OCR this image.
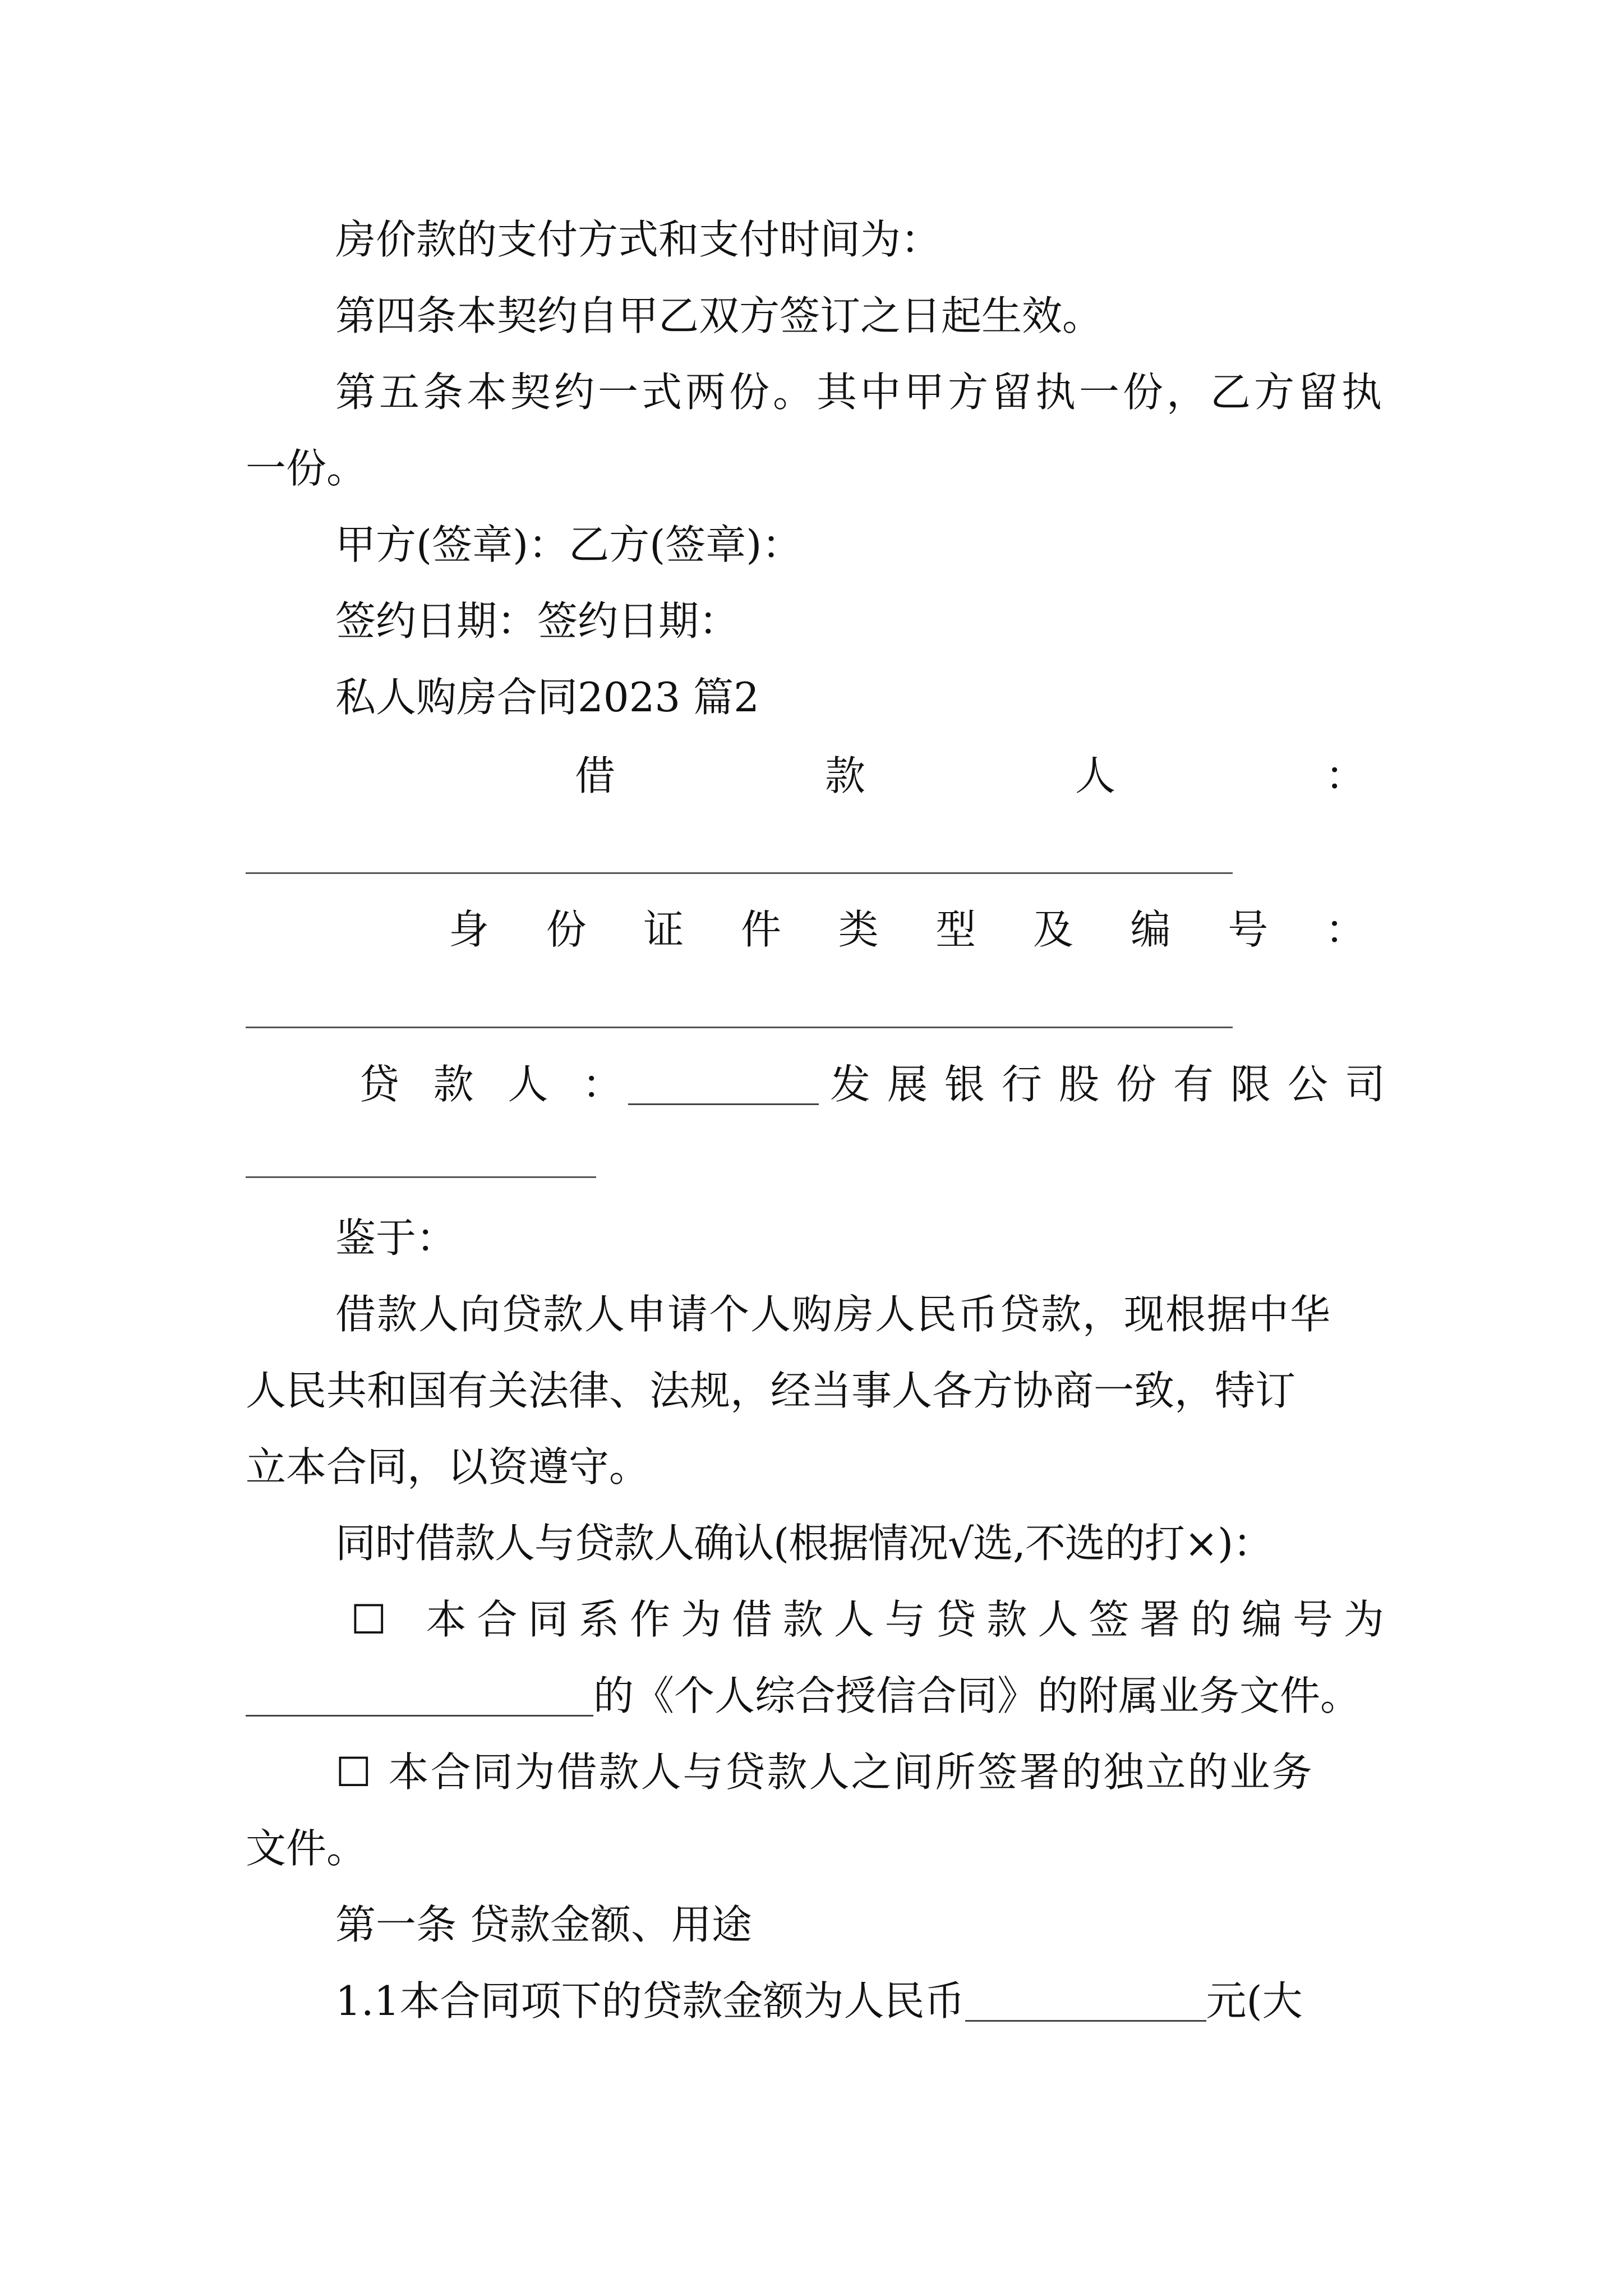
房价款的支付方式和支付时间为：
第四条本契约自甲乙双方签订之日起生效。
第五条本契约一式两份。其中甲方留执一份，乙方留执
一份。
甲方(签章)：乙方(签章)：
签约日期：签约日期：
私人购房合同2023 篇2
借	款	人	：
身 份 证 件 类 型 及 编 号 ：
贷 款 人 ：	发 展 银 行 股 份 有 限 公 司
鉴于：
借款人向贷款人申请个人购房人民币贷款，现根据中华
人民共和国有关法律、法规，经当事人各方协商一致，特订
立本合同，以资遵守。
同时借款人与贷款人确认(根据情况√选,不选的打×)：
☐ 本 合 同 系 作 为 借 款 人 与 贷 款 人 签 署 的 编 号 为
的《个人综合授信合同》的附属业务文件。
☐ 本合同为借款人与贷款人之间所签署的独立的业务
文件。
第一条 贷款金额、用途
1.1本合同项下的贷款金额为人民币	元(大
